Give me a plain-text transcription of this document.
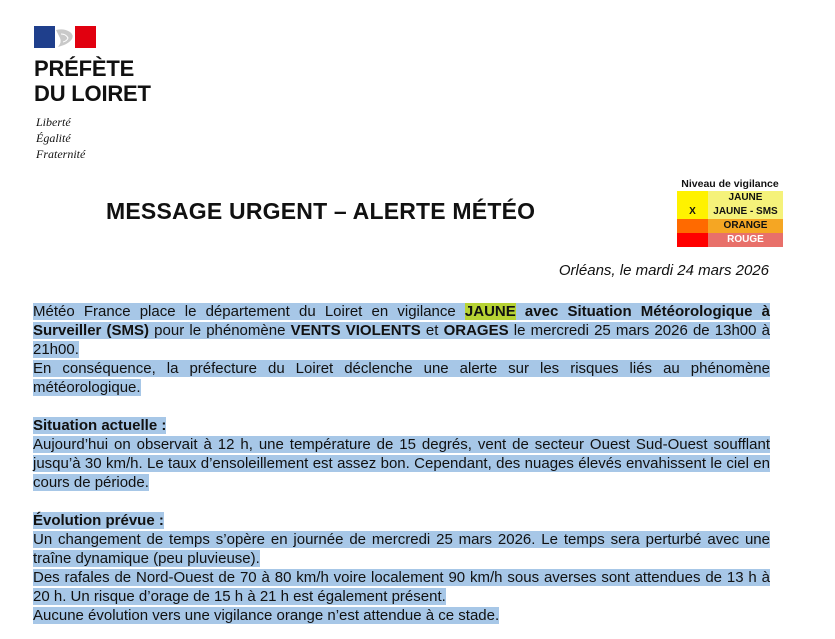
PRÉFÈTE
DU LOIRET
Liberté
Égalité
Fraternité
MESSAGE URGENT – ALERTE MÉTÉO
Niveau de vigilance
JAUNE
X	JAUNE - SMS
ORANGE
ROUGE
Orléans, le mardi 24 mars 2026

Météo France place le département du Loiret en vigilance JAUNE avec Situation Météorologique à Surveiller (SMS) pour le phénomène VENTS VIOLENTS et ORAGES le mercredi 25 mars 2026 de 13h00 à 21h00.

En conséquence, la préfecture du Loiret déclenche une alerte sur les risques liés au phénomène météorologique.

Situation actuelle :

Aujourd’hui on observait à 12 h, une température de 15 degrés, vent de secteur Ouest Sud-Ouest soufflant jusqu’à 30 km/h. Le taux d’ensoleillement est assez bon. Cependant, des nuages élevés envahissent le ciel en cours de période.

Évolution prévue :

Un changement de temps s’opère en journée de mercredi 25 mars 2026. Le temps sera perturbé avec une traîne dynamique (peu pluvieuse).

Des rafales de Nord-Ouest de 70 à 80 km/h voire localement 90 km/h sous averses sont attendues de 13 h à 20 h. Un risque d’orage de 15 h à 21 h est également présent.

Aucune évolution vers une vigilance orange n’est attendue à ce stade.
